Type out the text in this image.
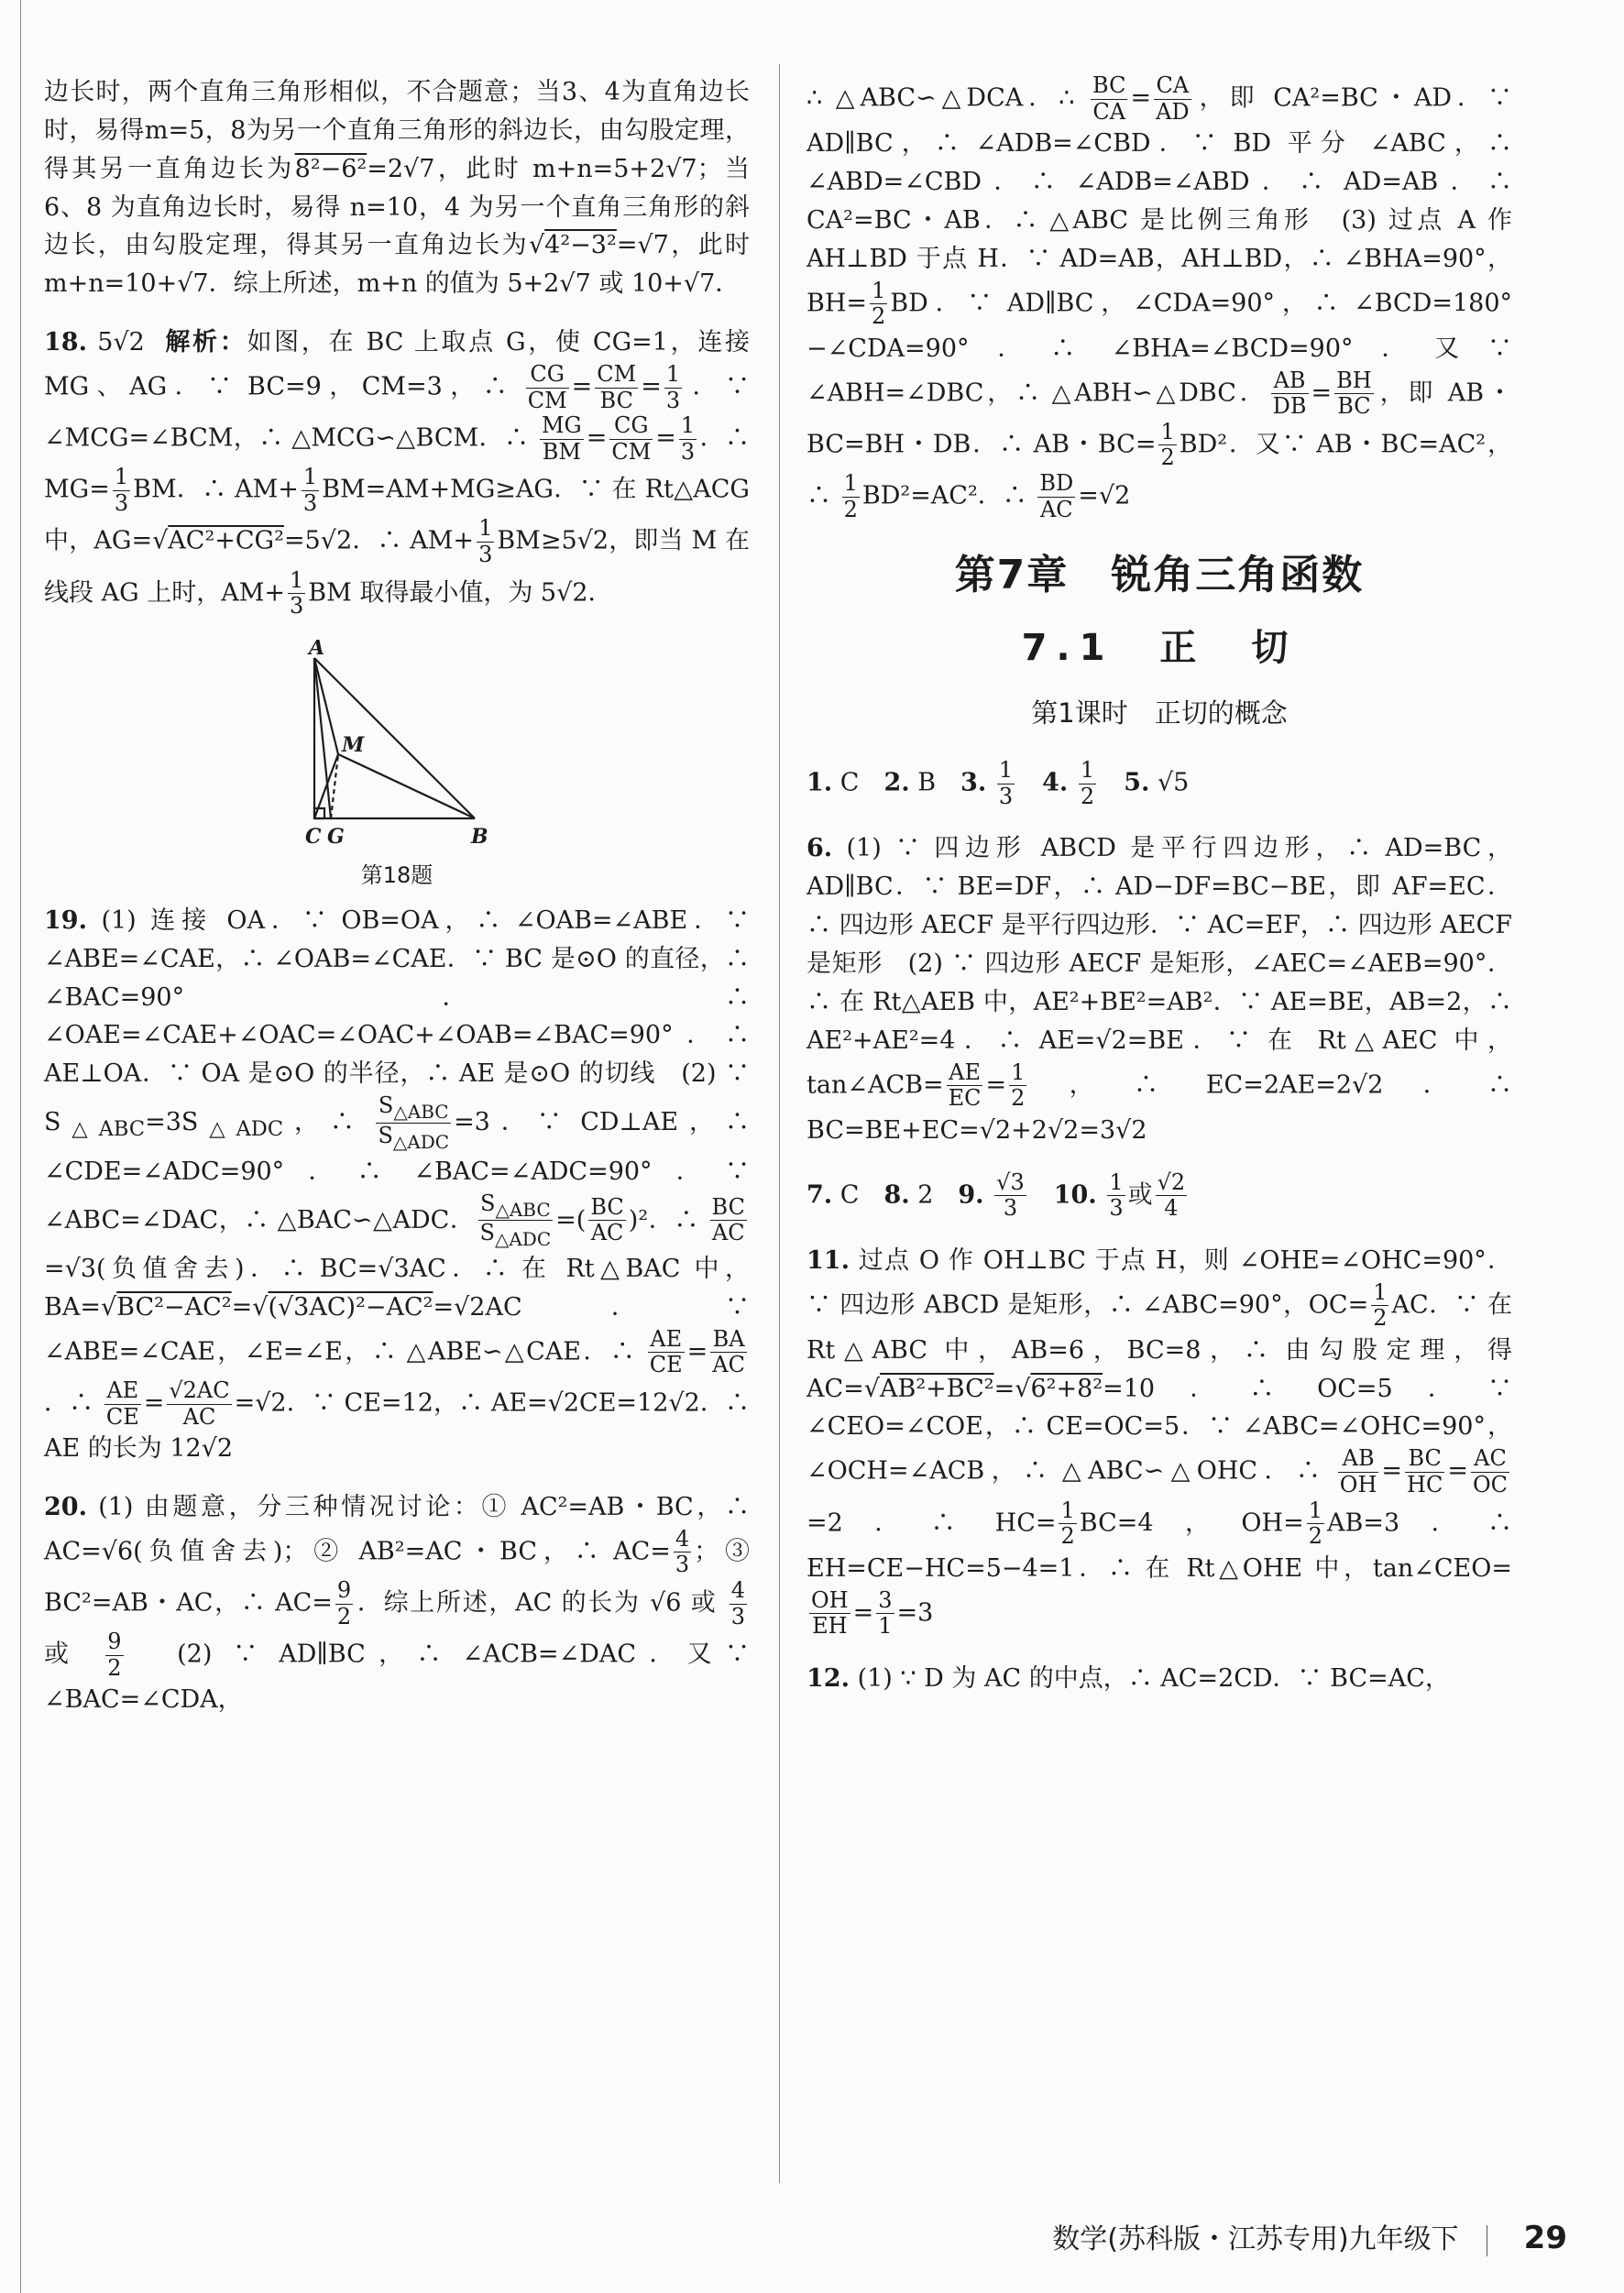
边长时，两个直角三角形相似，不合题意；当3、4为直角边长时，易得m=5，8为另一个直角三角形的斜边长，由勾股定理，得其另一直角边长为8²−6²=2√7，此时 m+n=5+2√7；当 6、8 为直角边长时，易得 n=10，4 为另一个直角三角形的斜边长，由勾股定理，得其另一直角边长为√4²−3²=√7，此时 m+n=10+√7．综上所述，m+n 的值为 5+2√7 或 10+√7．

18. 5√2 解析：如图，在 BC 上取点 G，使 CG=1，连接 MG、AG．∵ BC=9，CM=3，∴ $\frac{CG}{CM} = \frac{CM}{BC} = \frac{1}{3}$ ．∵ ∠MCG=∠BCM，∴ △MCG∽△BCM．∴ $\frac{MG}{BM} = \frac{CG}{CM} = \frac{1}{3}$ ．∴ $MG= \frac{1}{3}$ BM．∴ $AM+ \frac{1}{3} BM=AM+MG\ge AG$．∵ 在 Rt△ACG 中，AG=√AC²+CG²=5√2．∴ $AM+ \frac{1}{3} BM\ge 5√2$，即当 M 在线段 AG 上时，$AM+ \frac{1}{3}$ BM 取得最小值，为 5√2．

A
M
C G	B
第18题

19. (1) 连接 OA．∵ OB=OA，∴ ∠OAB=∠ABE．∵ ∠ABE=∠CAE，∴ ∠OAB=∠CAE．∵ BC 是⊙O 的直径，∴ ∠BAC=90°．∴ ∠OAE=∠CAE+∠OAC=∠OAC+∠OAB=∠BAC=90°．∴ AE⊥OA．∵ OA 是⊙O 的半径，∴ AE 是⊙O 的切线　(2) ∵ $S_{\triangle ABC}=3S_{\triangle ADC}$，∴
$S_{\triangle ABC}$
$S_{\triangle ADC}$
=3．∵ CD⊥AE，∴ ∠CDE=∠ADC=90°．∴ ∠BAC=∠ADC=90°．∵ ∠ABC=∠DAC，∴ △BAC∽△ADC．
$S_{\triangle ABC}$
$S_{\triangle ADC}$
=( $\frac{BC}{AC} )^2$．∴ $\frac{BC}{AC}$
=√3(负值舍去)．∴ BC=√3AC．∴ 在 Rt△BAC 中，BA=√BC²−AC²=√(√3AC)²−AC²=√2AC．∵ ∠ABE=∠CAE，∠E=∠E，∴ △ABE∽△CAE．∴ $\frac{AE}{CE} = \frac{BA}{AC}$
．∴ $\frac{AE}{CE} = \frac{√2AC}{AC} =√2$．∵ CE=12，∴ AE=√2CE=12√2．∴ AE 的长为 12√2

20. (1) 由题意，分三种情况讨论：① AC²=AB・BC，∴ AC=√6(负值舍去)；② AB²=AC・BC，∴ $AC= \frac{4}{3}$ ；③ BC²=AB・AC，∴ $AC= \frac{9}{2}$ ．综上所述，AC 的长为 √6 或 $\frac{4}{3}$
或 $\frac{9}{2}$ 　(2) ∵ AD∥BC，∴ ∠ACB=∠DAC．又∵ ∠BAC=∠CDA，

∴ △ABC∽△DCA．∴ $\frac{BC}{CA} = \frac{CA}{AD}$ ，即 CA²=BC・AD．∵ AD∥BC，∴ ∠ADB=∠CBD．∵ BD 平分 ∠ABC，∴ ∠ABD=∠CBD．∴ ∠ADB=∠ABD．∴ AD=AB．∴ CA²=BC・AB．∴ △ABC 是比例三角形　(3) 过点 A 作 AH⊥BD 于点 H．∵ AD=AB，AH⊥BD，∴ ∠BHA=90°，$BH= \frac{1}{2}$ BD．∵ AD∥BC，∠CDA=90°，∴ ∠BCD=180°−∠CDA=90°．∴ ∠BHA=∠BCD=90°．又∵ ∠ABH=∠DBC，∴ △ABH∽△DBC． $\frac{AB}{DB} = \frac{BH}{BC}$ ，即 AB・BC=BH・DB．∴ AB・$BC= \frac{1}{2} BD^2$．又∵ AB・BC=AC²，∴ $\frac{1}{2} BD^2=AC^2$．∴ $\frac{BD}{AC} =√2$

第7章　锐角三角函数
7.1　正　切
第1课时　正切的概念

1. C　2. B　3. $\frac{1}{3}$
　 4. $\frac{1}{2}$
　 5. √5

6. (1) ∵ 四边形 ABCD 是平行四边形，∴ AD=BC，AD∥BC．∵ BE=DF，∴ AD−DF=BC−BE，即 AF=EC．∴ 四边形 AECF 是平行四边形．∵ AC=EF，∴ 四边形 AECF 是矩形　(2) ∵ 四边形 AECF 是矩形，∠AEC=∠AEB=90°．∴ 在 Rt△AEB 中，AE²+BE²=AB²．∵ AE=BE，AB=2，∴ AE²+AE²=4．∴ AE=√2=BE．∵ 在 Rt△AEC 中，tan∠ACB= $\frac{AE}{EC} = \frac{1}{2}$ ，∴ EC=2AE=2√2．∴ BC=BE+EC=√2+2√2=3√2

7. C　8. 2　9. $\frac{√3}{3}$
　 10. $\frac{1}{3}$ 或 $\frac{√2}{4}$

11. 过点 O 作 OH⊥BC 于点 H，则 ∠OHE=∠OHC=90°．∵ 四边形 ABCD 是矩形，∴ ∠ABC=90°，$OC= \frac{1}{2}$ AC．∵ 在 Rt△ABC 中，AB=6，BC=8，∴ 由勾股定理，得 AC=√AB²+BC²=√6²+8²=10．∴ OC=5．∵ ∠CEO=∠COE，∴ CE=OC=5．∵ ∠ABC=∠OHC=90°，∠OCH=∠ACB，∴ △ABC∽△OHC．∴ $\frac{AB}{OH} = \frac{BC}{HC} = \frac{AC}{OC}$
=2．∴ $HC= \frac{1}{2} BC=4$，$OH= \frac{1}{2} AB=3$．∴ EH=CE−HC=5−4=1．∴ 在 Rt△OHE 中，tan∠CEO=
$\frac{OH}{EH} = \frac{3}{1} =3$

12. (1) ∵ D 为 AC 的中点，∴ AC=2CD．∵ BC=AC，

数学(苏科版・江苏专用)九年级下 29
